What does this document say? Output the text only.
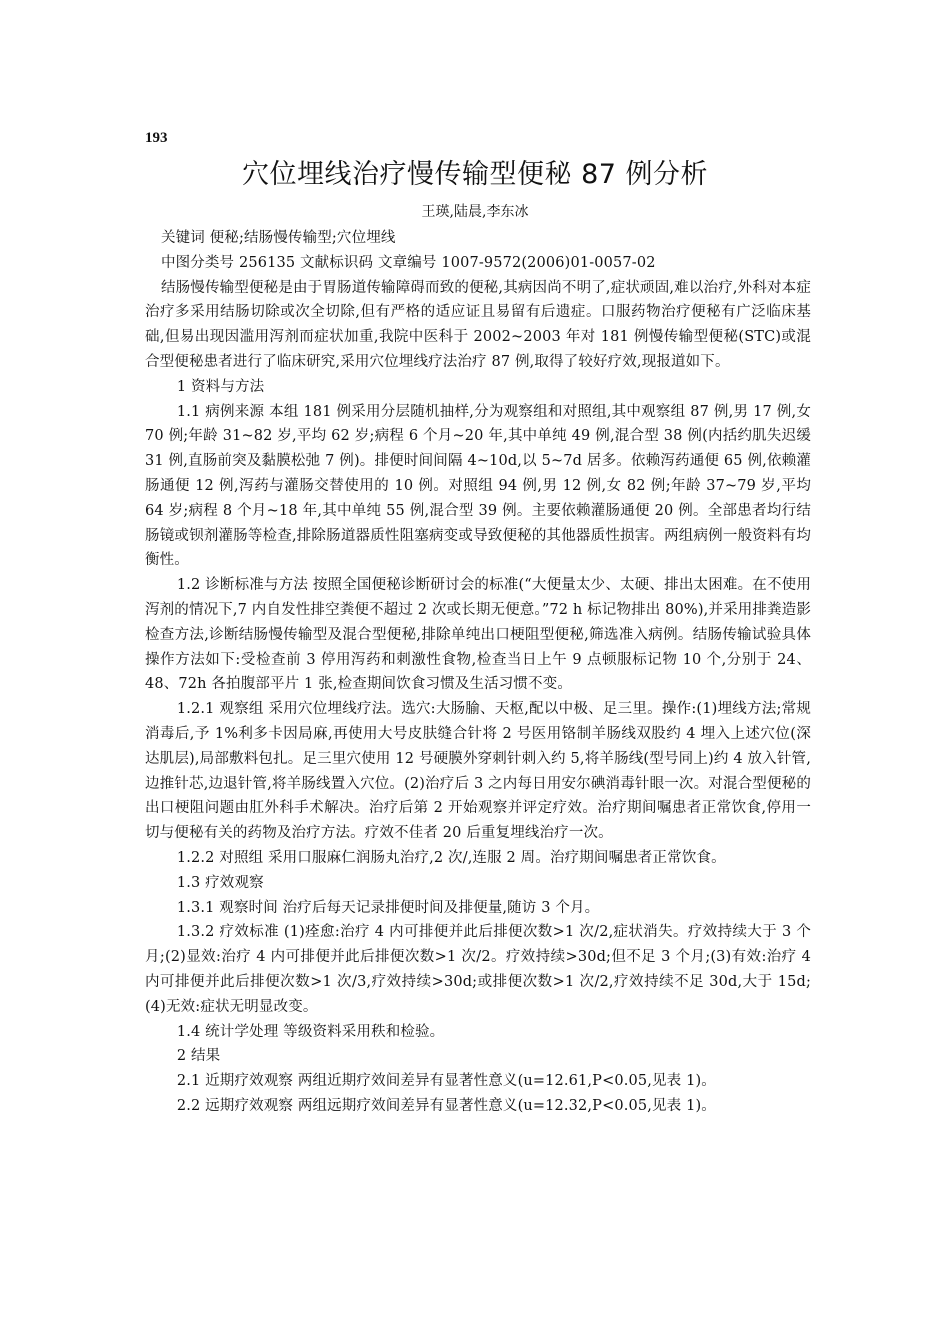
193
穴位埋线治疗慢传输型便秘 87 例分析
王瑛,陆晨,李东冰

关键词 便秘;结肠慢传输型;穴位埋线

中图分类号 256135 文献标识码 文章编号 1007-9572(2006)01-0057-02

结肠慢传输型便秘是由于胃肠道传输障碍而致的便秘,其病因尚不明了,症状顽固,难以治疗,外科对本症治疗多采用结肠切除或次全切除,但有严格的适应证且易留有后遗症。口服药物治疗便秘有广泛临床基础,但易出现因滥用泻剂而症状加重,我院中医科于 2002~2003 年对 181 例慢传输型便秘(STC)或混合型便秘患者进行了临床研究,采用穴位埋线疗法治疗 87 例,取得了较好疗效,现报道如下。

1 资料与方法

1.1 病例来源 本组 181 例采用分层随机抽样,分为观察组和对照组,其中观察组 87 例,男 17 例,女 70 例;年龄 31~82 岁,平均 62 岁;病程 6 个月~20 年,其中单纯 49 例,混合型 38 例(内括约肌失迟缓 31 例,直肠前突及黏膜松弛 7 例)。排便时间间隔 4~10d,以 5~7d 居多。依赖泻药通便 65 例,依赖灌肠通便 12 例,泻药与灌肠交替使用的 10 例。对照组 94 例,男 12 例,女 82 例;年龄 37~79 岁,平均 64 岁;病程 8 个月~18 年,其中单纯 55 例,混合型 39 例。主要依赖灌肠通便 20 例。全部患者均行结肠镜或钡剂灌肠等检查,排除肠道器质性阻塞病变或导致便秘的其他器质性损害。两组病例一般资料有均衡性。

1.2 诊断标准与方法 按照全国便秘诊断研讨会的标准(“大便量太少、太硬、排出太困难。在不使用泻剂的情况下,7 内自发性排空粪便不超过 2 次或长期无便意。”72 h 标记物排出 80%),并采用排粪造影检查方法,诊断结肠慢传输型及混合型便秘,排除单纯出口梗阻型便秘,筛选准入病例。结肠传输试验具体操作方法如下:受检查前 3 停用泻药和刺激性食物,检查当日上午 9 点顿服标记物 10 个,分别于 24、48、72h 各拍腹部平片 1 张,检查期间饮食习惯及生活习惯不变。

1.2.1 观察组 采用穴位埋线疗法。选穴:大肠腧、天枢,配以中极、足三里。操作:(1)埋线方法;常规消毒后,予 1%利多卡因局麻,再使用大号皮肤缝合针将 2 号医用铬制羊肠线双股约 4 埋入上述穴位(深达肌层),局部敷料包扎。足三里穴使用 12 号硬膜外穿刺针刺入约 5,将羊肠线(型号同上)约 4 放入针管,边推针芯,边退针管,将羊肠线置入穴位。(2)治疗后 3 之内每日用安尔碘消毒针眼一次。对混合型便秘的出口梗阻问题由肛外科手术解决。治疗后第 2 开始观察并评定疗效。治疗期间嘱患者正常饮食,停用一切与便秘有关的药物及治疗方法。疗效不佳者 20 后重复埋线治疗一次。

1.2.2 对照组 采用口服麻仁润肠丸治疗,2 次/,连服 2 周。治疗期间嘱患者正常饮食。

1.3 疗效观察

1.3.1 观察时间 治疗后每天记录排便时间及排便量,随访 3 个月。

1.3.2 疗效标准 (1)痊愈:治疗 4 内可排便并此后排便次数>1 次/2,症状消失。疗效持续大于 3 个月;(2)显效:治疗 4 内可排便并此后排便次数>1 次/2。疗效持续>30d;但不足 3 个月;(3)有效:治疗 4 内可排便并此后排便次数>1 次/3,疗效持续>30d;或排便次数>1 次/2,疗效持续不足 30d,大于 15d;(4)无效:症状无明显改变。

1.4 统计学处理 等级资料采用秩和检验。

2 结果

2.1 近期疗效观察 两组近期疗效间差异有显著性意义(u=12.61,P<0.05,见表 1)。

2.2 远期疗效观察 两组远期疗效间差异有显著性意义(u=12.32,P<0.05,见表 1)。
